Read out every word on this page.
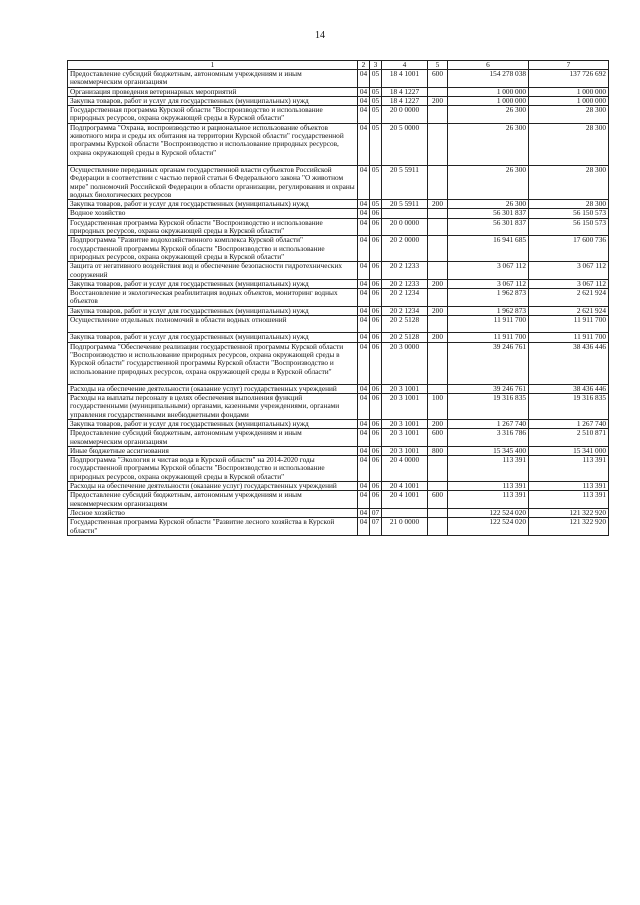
14
1	2	3	4	5	6	7
Предоставление субсидий бюджетным, автономным учреждениям и иным некоммерческим организациям	04	05	18 4 1001	600	154 278 038	137 726 692
Организация проведения ветеринарных мероприятий	04	05	18 4 1227		1 000 000	1 000 000
Закупка товаров, работ и услуг для государственных (муниципальных) нужд	04	05	18 4 1227	200	1 000 000	1 000 000
Государственная программа Курской области "Воспроизводство и использование природных ресурсов, охрана окружающей среды в Курской области"	04	05	20 0 0000		26 300	28 300
Подпрограмма "Охрана, воспроизводство и рациональное использование объектов животного мира и среды их обитания на территории Курской области" государственной программы Курской области "Воспроизводство и использование природных ресурсов, охрана окружающей среды в Курской области"	04	05	20 5 0000		26 300	28 300
Осуществление переданных органам государственной власти субъектов Российской Федерации в соответствии с частью первой статьи 6 Федерального закона "О животном мире" полномочий Российской Федерации в области организации, регулирования и охраны водных биологических ресурсов	04	05	20 5 5911		26 300	28 300
Закупка товаров, работ и услуг для государственных (муниципальных) нужд	04	05	20 5 5911	200	26 300	28 300
Водное хозяйство	04	06			56 301 837	56 150 573
Государственная программа Курской области "Воспроизводство и использование природных ресурсов, охрана окружающей среды в Курской области"	04	06	20 0 0000		56 301 837	56 150 573
Подпрограмма "Развитие водохозяйственного комплекса Курской области" государственной программы Курской области "Воспроизводство и использование природных ресурсов, охрана окружающей среды в Курской области"	04	06	20 2 0000		16 941 685	17 600 736
Защита от негативного воздействия вод и обеспечение безопасности гидротехнических сооружений	04	06	20 2 1233		3 067 112	3 067 112
Закупка товаров, работ и услуг для государственных (муниципальных) нужд	04	06	20 2 1233	200	3 067 112	3 067 112
Восстановление и экологическая реабилитация водных объектов, мониторинг водных объектов	04	06	20 2 1234		1 962 873	2 621 924
Закупка товаров, работ и услуг для государственных (муниципальных) нужд	04	06	20 2 1234	200	1 962 873	2 621 924
Осуществление отдельных полномочий в области водных отношений	04	06	20 2 5128		11 911 700	11 911 700
Закупка товаров, работ и услуг для государственных (муниципальных) нужд	04	06	20 2 5128	200	11 911 700	11 911 700
Подпрограмма "Обеспечение реализации государственной программы Курской области "Воспроизводство и использование природных ресурсов, охрана окружающей среды в Курской области" государственной программы Курской области "Воспроизводство и использование природных ресурсов, охрана окружающей среды в Курской области"	04	06	20 3 0000		39 246 761	38 436 446
Расходы на обеспечение деятельности (оказание услуг) государственных учреждений	04	06	20 3 1001		39 246 761	38 436 446
Расходы на выплаты персоналу в целях обеспечения выполнения функций государственными (муниципальными) органами, казенными учреждениями, органами управления государственными внебюджетными фондами	04	06	20 3 1001	100	19 316 835	19 316 835
Закупка товаров, работ и услуг для государственных (муниципальных) нужд	04	06	20 3 1001	200	1 267 740	1 267 740
Предоставление субсидий бюджетным, автономным учреждениям и иным некоммерческим организациям	04	06	20 3 1001	600	3 316 786	2 510 871
Иные бюджетные ассигнования	04	06	20 3 1001	800	15 345 400	15 341 000
Подпрограмма "Экология и чистая вода в Курской области" на 2014-2020 годы государственной программы Курской области "Воспроизводство и использование природных ресурсов, охрана окружающей среды в Курской области"	04	06	20 4 0000		113 391	113 391
Расходы на обеспечение деятельности (оказание услуг) государственных учреждений	04	06	20 4 1001		113 391	113 391
Предоставление субсидий бюджетным, автономным учреждениям и иным некоммерческим организациям	04	06	20 4 1001	600	113 391	113 391
Лесное хозяйство	04	07			122 524 020	121 322 920
Государственная программа Курской области "Развитие лесного хозяйства в Курской области"	04	07	21 0 0000		122 524 020	121 322 920
